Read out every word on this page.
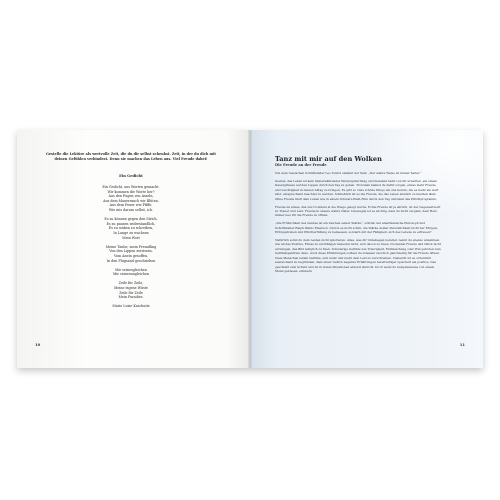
Gestelle die Lektüre als wertvolle Zeit, die du dir selbst schenkst. Zeit, in der du dich mit deinen Gefühlen verbindest. Denn sie machen das Leben aus. Viel Freude dabei!
Ein Gedicht
Ein Gedicht, aus Worten gemacht.
Wir kommen die Worte her?
Aus den Fugen von Asseln,
Aus dem Mauerrauch wir Blüten,
Aus dem Feuer wie Pfiffe,
Wie mir darum selbst, ich.
Es zu können gegen den Strich,
Es zu pausen widerstandlich,
Es zu sinken zu schreiben,
In Lange zu wachsen
Mein Wort
Meine Taube, mein Fremdling
Von den Lippen zerrissen,
Vom Anein gesoffen,
In den Flugsand geschrieben
Mir seinesgleichen
Mir seinesungleichen
Zeile für Zeile,
Meine eigene Wüste
Zeile für Zeile
Mein Paradies.
Marie Luise Kaschnitz
10
Tanz mit mir auf den Wolken
Die Freude an der Freude

Von dem russischen Schriftsteller Leo Tolstoi stammt der Satz: „Der wahre Weise ist immer heiter.“

Gewiss, das Leben ist kein immerwährender Kindergeburtstag und niemand kann von dir erwarten, am einem Dauergrinsen auf den Lippen durch den Tag zu gehen. Trotzdem kannst du dafür sorgen, etwas mehr Freude und Leichtigkeit in deinen Alltag zu bringen. Es gibt so viele schöne Dinge um uns herum, die es mehr als wert sind, entsprechend beachtet zu werden. Schließlich ist es die Freude, die das Leben sinnlich zu machen lässt. Ohne Freude läuft dein Leben wie in einem Schwarz-Weiß-Film durch den Tag und lässt das Pflichtprogramm.

Freude ist etwas, das uns trotzdem in die Wiege gelegt wurde. Echte Freude ist ja ehrlich, ist der Gegenentwurf zu Trauer und Leid. Freude in unsere wahre Natur. Deswegen ist es wichtig, dass du nicht vergisst, dein Herz immer neu für die Freude zu öffnen.

„Die Fröhlichkeit des Geistes ist ein Zeichen seiner Stärke“, schrieb der amerikanische Philosoph und Schriftsteller Ralph Waldo Emerson. Und in es nicht schön, die Stärke deiner Persönlichkeit nicht nur Ehrgeiz, Erfolgsstreben und Pflichterfüllung zu bemessen, sondern mit der Fähigkeit, sich des Lebens zu erfreuen?

Natürlich sollst du dein Leiden nicht ignorieren. Alles, was dir Unbehagen bereitet, nennt du ebenso annehmen wie all das Positive. Etwas zu verdrängen bedeutet nicht, sich davon zu lösen. Du kannst Freude und Glück nicht erzwingen, das Bild lediglich zu fixen. Schwierige Gefühle wie Traurigkeit, Enttäuschung oder Wut gehören zum Gefühlsspektrum dazu. Auch diese Erfahrungen solltest du zulassen und dich gleichzeitig für die Freude öffnen. Viele Menschen leiden Gefühle, sich mehr und mehr dem Leid zu verschreiben. Vielleicht ist es ordentlich ausreichend zu begründen, dass unser Gehirn negative Erfahrungen bereitwilliger speichert als positive. Das geschieht zum Schutz und ist in vielen Situationen absolut sinnvoll. Doch wenn du beispielsweise von einem Mund gebissen, erinnern

11
